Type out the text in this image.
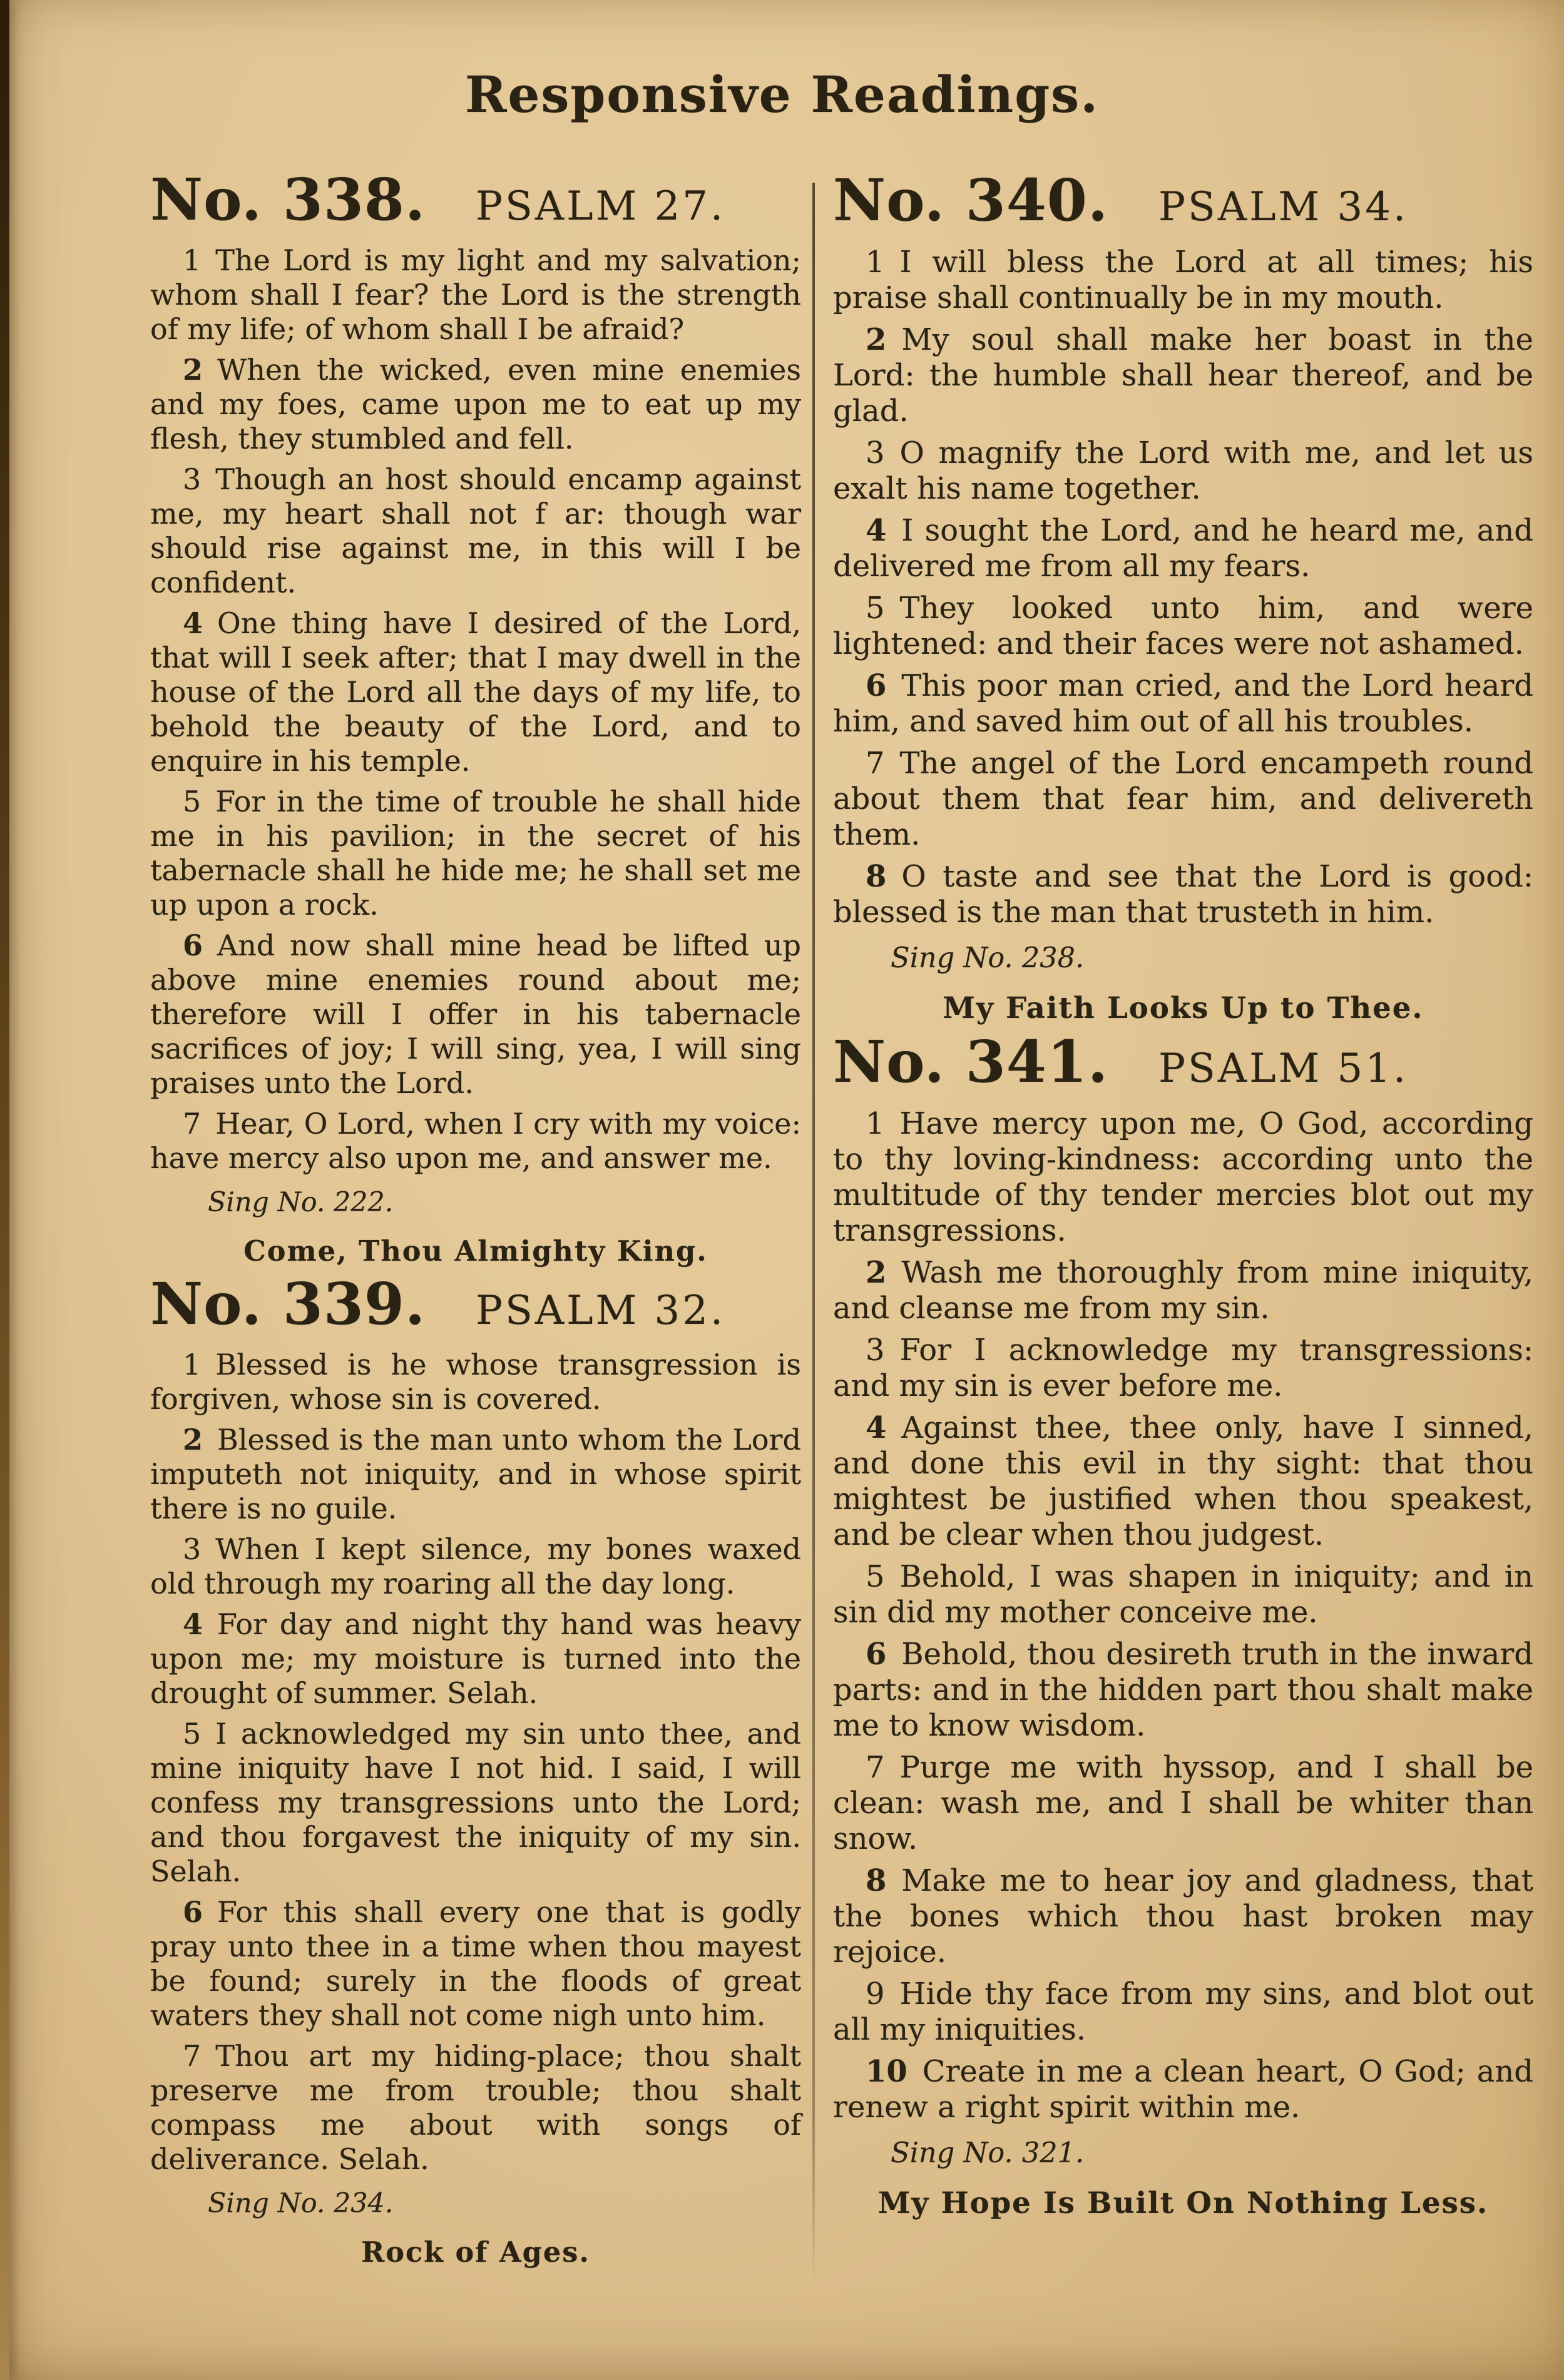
Responsive Readings.
No. 338. PSALM 27.

1 The Lord is my light and my salvation; whom shall I fear? the Lord is the strength of my life; of whom shall I be afraid?

2 When the wicked, even mine enemies and my foes, came upon me to eat up my flesh, they stumbled and fell.

3 Though an host should encamp against me, my heart shall not f ar: though war should rise against me, in this will I be confident.

4 One thing have I desired of the Lord, that will I seek after; that I may dwell in the house of the Lord all the days of my life, to behold the beauty of the Lord, and to enquire in his temple.

5 For in the time of trouble he shall hide me in his pavilion; in the secret of his tabernacle shall he hide me; he shall set me up upon a rock.

6 And now shall mine head be lifted up above mine enemies round about me; therefore will I offer in his tabernacle sacrifices of joy; I will sing, yea, I will sing praises unto the Lord.

7 Hear, O Lord, when I cry with my voice: have mercy also upon me, and answer me.

Sing No. 222.

Come, Thou Almighty King.

No. 339. PSALM 32.

1 Blessed is he whose transgression is forgiven, whose sin is covered.

2 Blessed is the man unto whom the Lord imputeth not iniquity, and in whose spirit there is no guile.

3 When I kept silence, my bones waxed old through my roaring all the day long.

4 For day and night thy hand was heavy upon me; my moisture is turned into the drought of summer. Selah.

5 I acknowledged my sin unto thee, and mine iniquity have I not hid. I said, I will confess my transgressions unto the Lord; and thou forgavest the iniquity of my sin. Selah.

6 For this shall every one that is godly pray unto thee in a time when thou mayest be found; surely in the floods of great waters they shall not come nigh unto him.

7 Thou art my hiding-place; thou shalt preserve me from trouble; thou shalt compass me about with songs of deliverance. Selah.

Sing No. 234.

Rock of Ages.

No. 340. PSALM 34.

1 I will bless the Lord at all times; his praise shall continually be in my mouth.

2 My soul shall make her boast in the Lord: the humble shall hear thereof, and be glad.

3 O magnify the Lord with me, and let us exalt his name together.

4 I sought the Lord, and he heard me, and delivered me from all my fears.

5 They looked unto him, and were lightened: and their faces were not ashamed.

6 This poor man cried, and the Lord heard him, and saved him out of all his troubles.

7 The angel of the Lord encampeth round about them that fear him, and delivereth them.

8 O taste and see that the Lord is good: blessed is the man that trusteth in him.

Sing No. 238.

My Faith Looks Up to Thee.

No. 341. PSALM 51.

1 Have mercy upon me, O God, according to thy loving-kindness: according unto the multitude of thy tender mercies blot out my transgressions.

2 Wash me thoroughly from mine iniquity, and cleanse me from my sin.

3 For I acknowledge my transgressions: and my sin is ever before me.

4 Against thee, thee only, have I sinned, and done this evil in thy sight: that thou mightest be justified when thou speakest, and be clear when thou judgest.

5 Behold, I was shapen in iniquity; and in sin did my mother conceive me.

6 Behold, thou desireth truth in the inward parts: and in the hidden part thou shalt make me to know wisdom.

7 Purge me with hyssop, and I shall be clean: wash me, and I shall be whiter than snow.

8 Make me to hear joy and gladness, that the bones which thou hast broken may rejoice.

9 Hide thy face from my sins, and blot out all my iniquities.

10 Create in me a clean heart, O God; and renew a right spirit within me.

Sing No. 321.

My Hope Is Built On Nothing Less.
